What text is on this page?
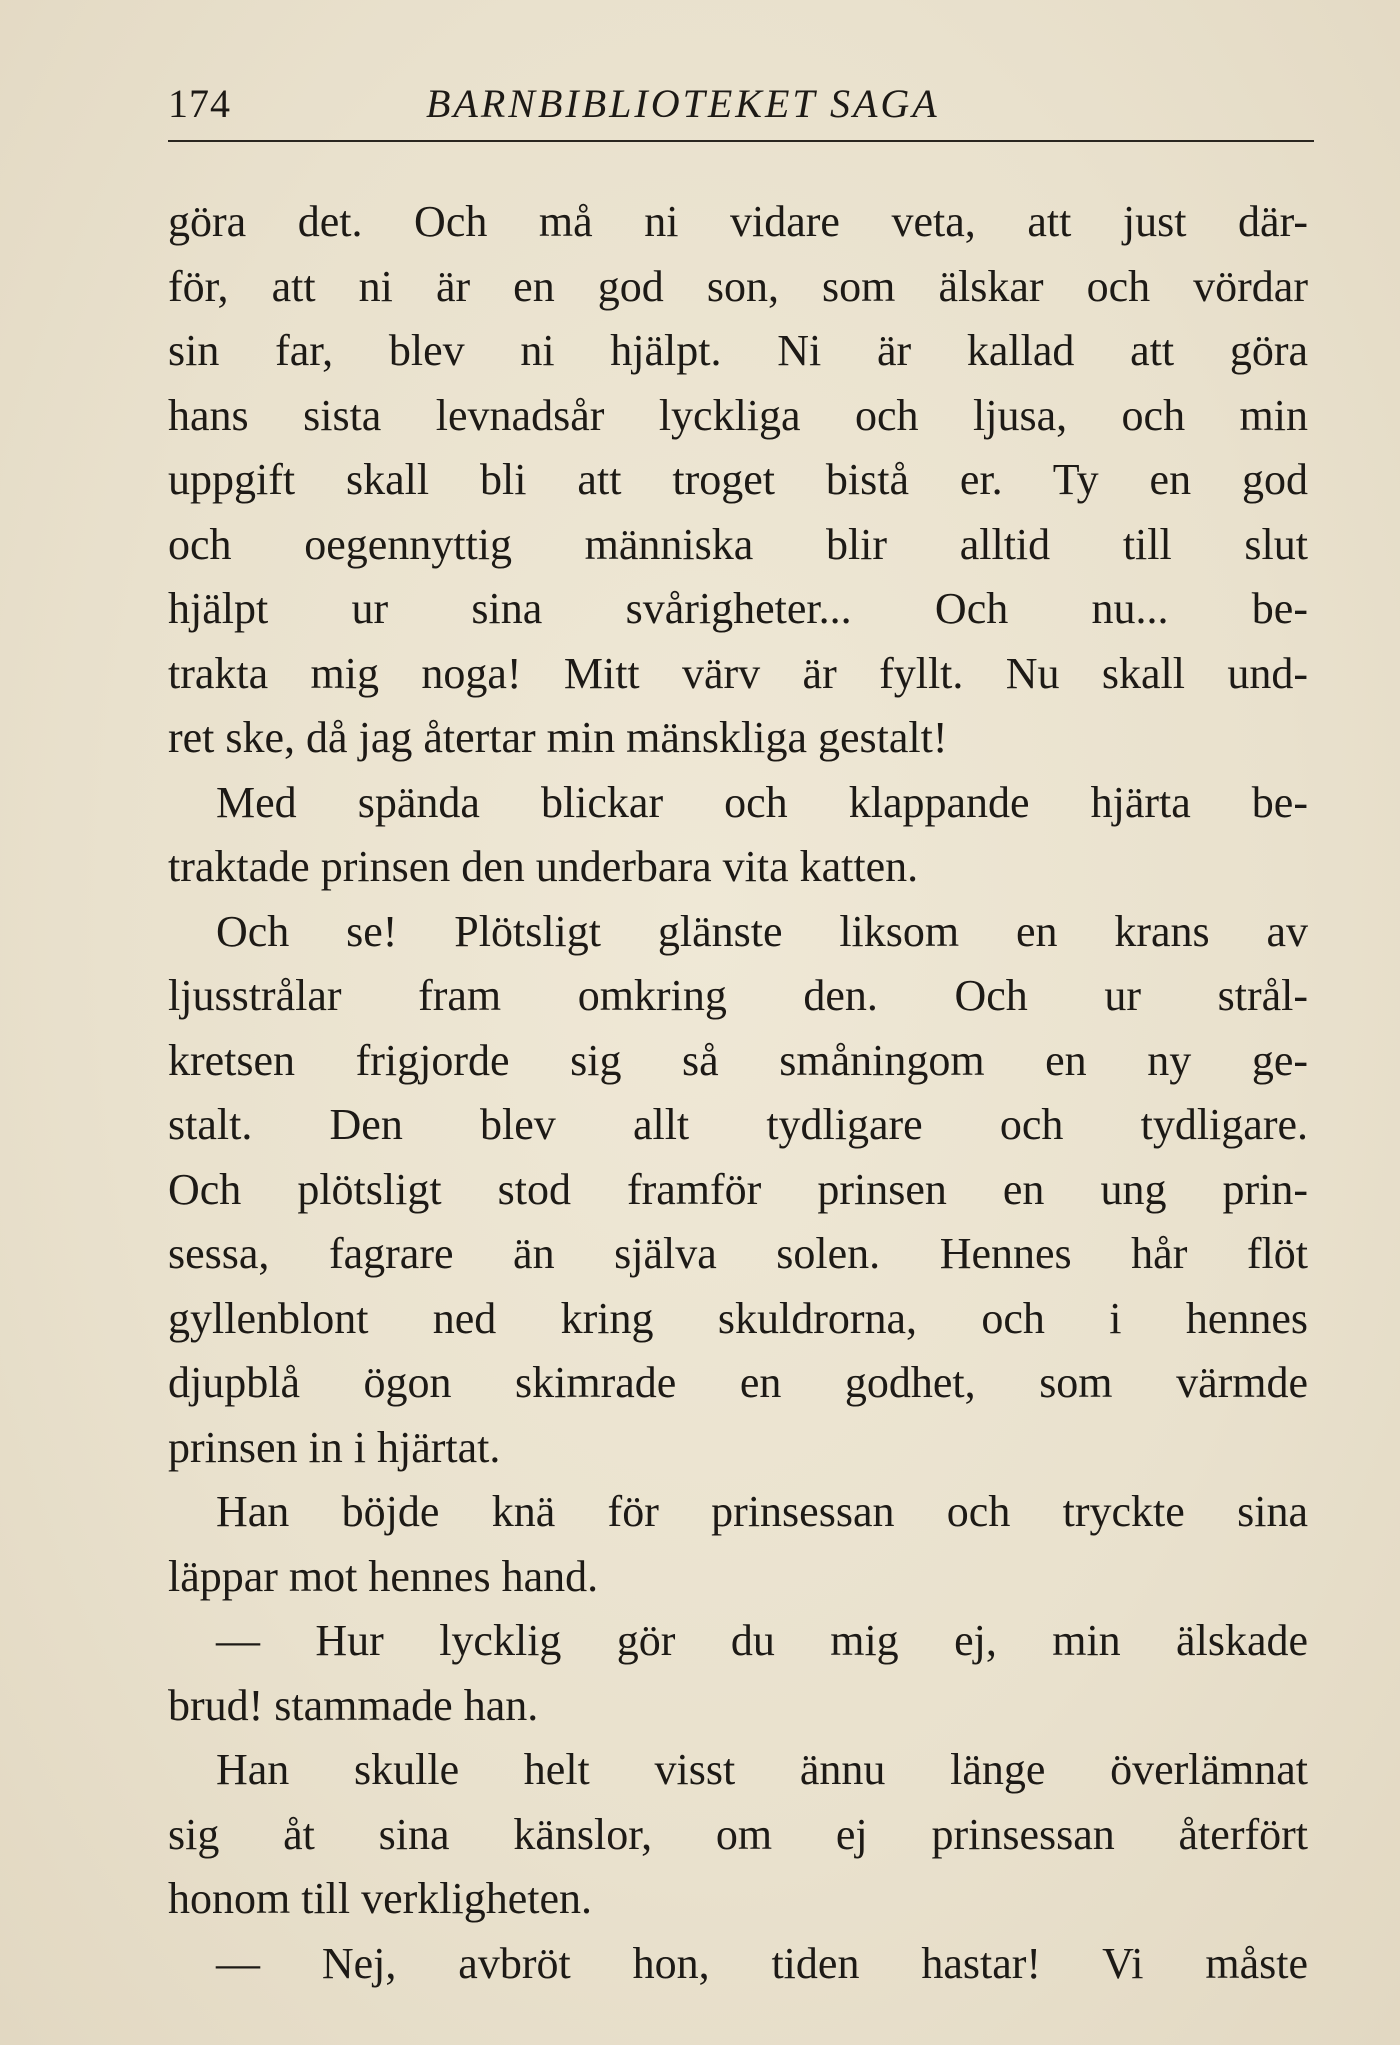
174	BARNBIBLIOTEKET SAGA
göra det. Och må ni vidare veta, att just där-
för, att ni är en god son, som älskar och vördar
sin far, blev ni hjälpt. Ni är kallad att göra
hans sista levnadsår lyckliga och ljusa, och min
uppgift skall bli att troget bistå er. Ty en god
och oegennyttig människa blir alltid till slut
hjälpt ur sina svårigheter... Och nu... be-
trakta mig noga! Mitt värv är fyllt. Nu skall und-
ret ske, då jag återtar min mänskliga gestalt!
Med spända blickar och klappande hjärta be-
traktade prinsen den underbara vita katten.
Och se! Plötsligt glänste liksom en krans av
ljusstrålar fram omkring den. Och ur strål-
kretsen frigjorde sig så småningom en ny ge-
stalt. Den blev allt tydligare och tydligare.
Och plötsligt stod framför prinsen en ung prin-
sessa, fagrare än själva solen. Hennes hår flöt
gyllenblont ned kring skuldrorna, och i hennes
djupblå ögon skimrade en godhet, som värmde
prinsen in i hjärtat.
Han böjde knä för prinsessan och tryckte sina
läppar mot hennes hand.
— Hur lycklig gör du mig ej, min älskade
brud! stammade han.
Han skulle helt visst ännu länge överlämnat
sig åt sina känslor, om ej prinsessan återfört
honom till verkligheten.
— Nej, avbröt hon, tiden hastar! Vi måste
